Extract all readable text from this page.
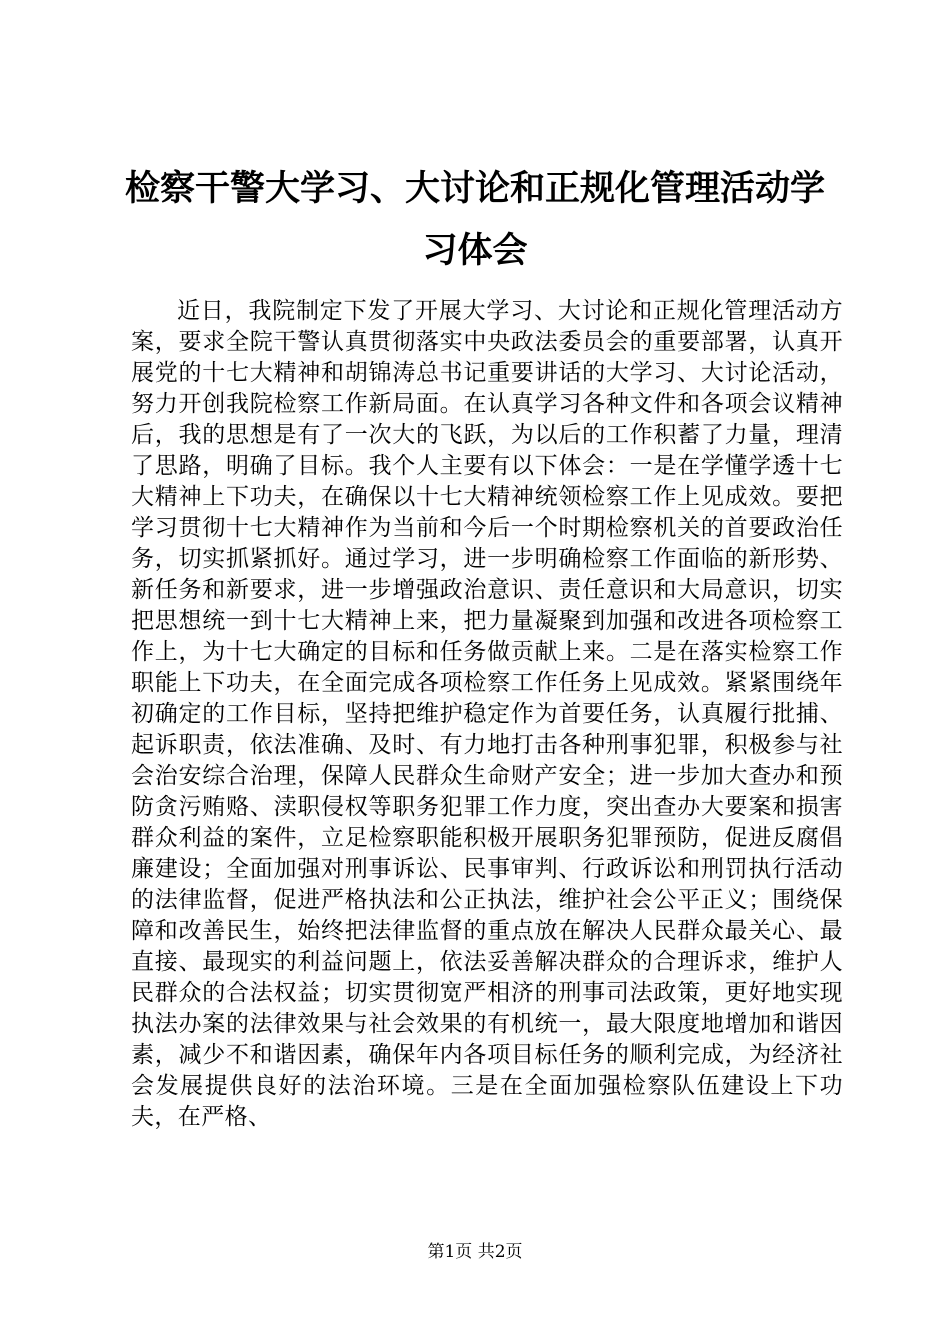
检察干警大学习、大讨论和正规化管理活动学习体会

近日，我院制定下发了开展大学习、大讨论和正规化管理活动方案，要求全院干警认真贯彻落实中央政法委员会的重要部署，认真开展党的十七大精神和胡锦涛总书记重要讲话的大学习、大讨论活动，努力开创我院检察工作新局面。在认真学习各种文件和各项会议精神后，我的思想是有了一次大的飞跃，为以后的工作积蓄了力量，理清了思路，明确了目标。我个人主要有以下体会：一是在学懂学透十七大精神上下功夫，在确保以十七大精神统领检察工作上见成效。要把学习贯彻十七大精神作为当前和今后一个时期检察机关的首要政治任务，切实抓紧抓好。通过学习，进一步明确检察工作面临的新形势、新任务和新要求，进一步增强政治意识、责任意识和大局意识，切实把思想统一到十七大精神上来，把力量凝聚到加强和改进各项检察工作上，为十七大确定的目标和任务做贡献上来。二是在落实检察工作职能上下功夫，在全面完成各项检察工作任务上见成效。紧紧围绕年初确定的工作目标，坚持把维护稳定作为首要任务，认真履行批捕、起诉职责，依法准确、及时、有力地打击各种刑事犯罪，积极参与社会治安综合治理，保障人民群众生命财产安全；进一步加大查办和预防贪污贿赂、渎职侵权等职务犯罪工作力度，突出查办大要案和损害群众利益的案件，立足检察职能积极开展职务犯罪预防，促进反腐倡廉建设；全面加强对刑事诉讼、民事审判、行政诉讼和刑罚执行活动的法律监督，促进严格执法和公正执法，维护社会公平正义；围绕保障和改善民生，始终把法律监督的重点放在解决人民群众最关心、最直接、最现实的利益问题上，依法妥善解决群众的合理诉求，维护人民群众的合法权益；切实贯彻宽严相济的刑事司法政策，更好地实现执法办案的法律效果与社会效果的有机统一，最大限度地增加和谐因素，减少不和谐因素，确保年内各项目标任务的顺利完成，为经济社会发展提供良好的法治环境。三是在全面加强检察队伍建设上下功夫，在严格、

第1页 共2页
